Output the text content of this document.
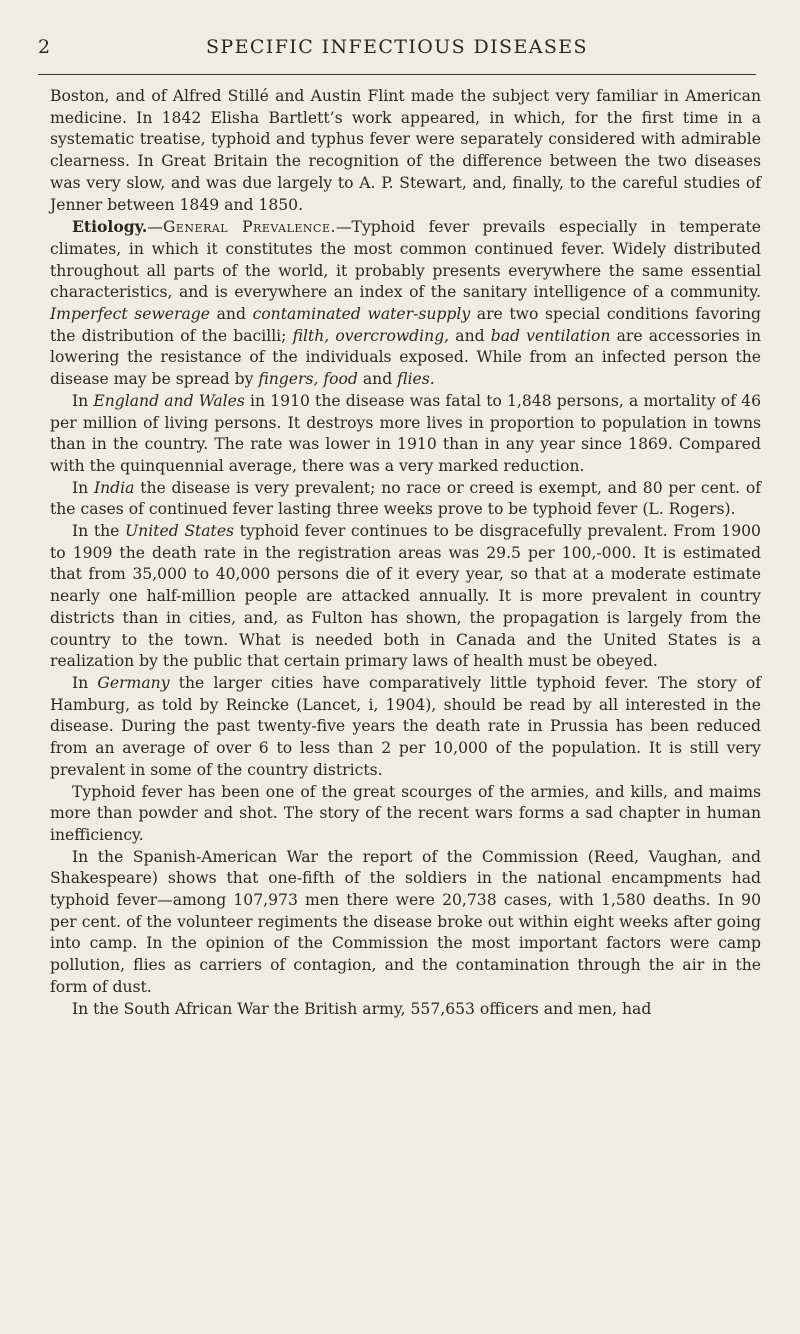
2	SPECIFIC INFECTIOUS DISEASES

Boston, and of Alfred Stillé and Austin Flint made the subject very familiar in American medicine. In 1842 Elisha Bartlett’s work appeared, in which, for the first time in a systematic treatise, typhoid and typhus fever were separately considered with admirable clearness. In Great Britain the recognition of the difference between the two diseases was very slow, and was due largely to A. P. Stewart, and, finally, to the careful studies of Jenner between 1849 and 1850.

Etiology.—General Prevalence.—Typhoid fever prevails especially in temperate climates, in which it constitutes the most common continued fever. Widely distributed throughout all parts of the world, it probably presents everywhere the same essential characteristics, and is everywhere an index of the sanitary intelligence of a community. Imperfect sewerage and contaminated water-supply are two special conditions favoring the distribution of the bacilli; filth, overcrowding, and bad ventilation are accessories in lowering the resistance of the individuals exposed. While from an infected person the disease may be spread by fingers, food and flies.

In England and Wales in 1910 the disease was fatal to 1,848 persons, a mortality of 46 per million of living persons. It destroys more lives in proportion to population in towns than in the country. The rate was lower in 1910 than in any year since 1869. Compared with the quinquennial average, there was a very marked reduction.

In India the disease is very prevalent; no race or creed is exempt, and 80 per cent. of the cases of continued fever lasting three weeks prove to be typhoid fever (L. Rogers).

In the United States typhoid fever continues to be disgracefully prevalent. From 1900 to 1909 the death rate in the registration areas was 29.5 per 100,-000. It is estimated that from 35,000 to 40,000 persons die of it every year, so that at a moderate estimate nearly one half-million people are attacked annually. It is more prevalent in country districts than in cities, and, as Fulton has shown, the propagation is largely from the country to the town. What is needed both in Canada and the United States is a realization by the public that certain primary laws of health must be obeyed.

In Germany the larger cities have comparatively little typhoid fever. The story of Hamburg, as told by Reincke (Lancet, i, 1904), should be read by all interested in the disease. During the past twenty-five years the death rate in Prussia has been reduced from an average of over 6 to less than 2 per 10,000 of the population. It is still very prevalent in some of the country districts.

Typhoid fever has been one of the great scourges of the armies, and kills, and maims more than powder and shot. The story of the recent wars forms a sad chapter in human inefficiency.

In the Spanish-American War the report of the Commission (Reed, Vaughan, and Shakespeare) shows that one-fifth of the soldiers in the national encampments had typhoid fever—among 107,973 men there were 20,738 cases, with 1,580 deaths. In 90 per cent. of the volunteer regiments the disease broke out within eight weeks after going into camp. In the opinion of the Commission the most important factors were camp pollution, flies as carriers of contagion, and the contamination through the air in the form of dust.

In the South African War the British army, 557,653 officers and men, had
